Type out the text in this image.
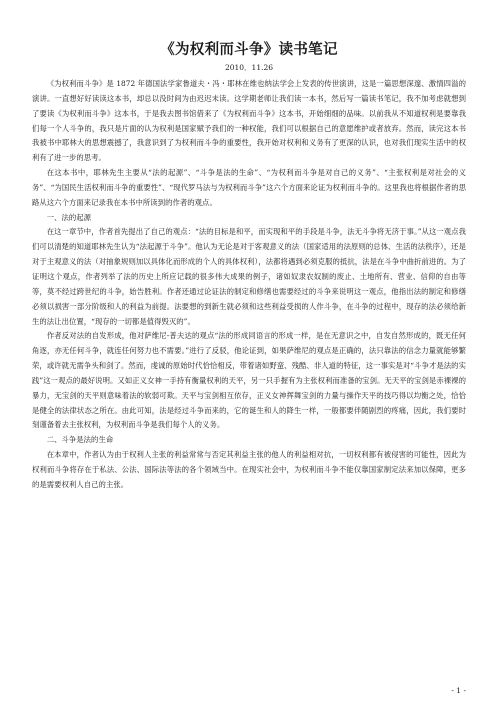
《为权利而斗争》读书笔记
2010．11.26

《为权利而斗争》是 1872 年德国法学家鲁道夫・冯・耶林在维也纳法学会上发表的传世演讲，这是一篇思想深邃、激情四溢的演讲。一直想好好读读这本书，却总以没时间为由迟迟未读。这学期老师让我们读一本书，然后写一篇读书笔记，我不加考虑就想到了要读《为权利而斗争》这本书，于是我去图书馆借来了《为权利而斗争》这本书，开始细细的品味。以前我从不知道权利是要靠我们每一个人斗争的，我只是片面的认为权利是国家赋予我们的一种权能，我们可以根据自己的意愿维护或者放弃。然而，读完这本书我被书中耶林大的思想震撼了，我意识到了为权利而斗争的重要性，我开始对权利和义务有了更深的认识，也对我们现实生活中的权利有了进一步的思考。

在这本书中，耶林先生主要从“法的起源”、“斗争是法的生命”、“为权利而斗争是对自己的义务”、“主张权利是对社会的义务”、“为国民生活权利而斗争的重要性”、“现代罗马法与为权利而斗争”这六个方面来论证为权利而斗争的。这里我也将根据作者的思路从这六个方面来记录我在本书中所读到的作者的观点。

一、法的起源

在这一章节中，作者首先提出了自己的观点：“法的目标是和平，而实现和平的手段是斗争，法无斗争将无济于事。”从这一观点我们可以清楚的知道耶林先生认为“法起源于斗争”。他认为无论是对于客观意义的法（国家适用的法原则的总体、生活的法秩序），还是对于主观意义的法（对抽象规则加以具体化而形成的个人的具体权利），法都将遇到必须克服的抵抗，法是在斗争中曲折前进的。为了证明这个观点，作者列举了法的历史上所应记载的很多伟大成果的例子，诸如奴隶农奴制的废止、土地所有、营业、信仰的自由等等，莫不经过跨世纪的斗争，始告胜利。作者还通过论证法的制定和修缮也需要经过的斗争来说明这一观点，他指出法的制定和修缮必须以损害一部分阶级和人的利益为前提。法要想的到新生就必须和这些利益受损的人作斗争，在斗争的过程中，现存的法必须给新生的法让出位置，“现存的一切都是值得毁灭的”。

作者反对法的自发形成，他对萨维尼-普夫达的观点“法的形成同语言的形成一样，是在无意识之中，自发自然形成的，既无任何角逐，亦无任何斗争，就连任何努力也不需要。”进行了反驳，他论证到，如果萨维尼的观点是正确的，法只靠法的信念力量就能够繁荣，或许就无需争头和剑了。然而，虔诚的原始时代恰恰相反，带着诸如野蛮、残酷、非人道的特征，这一事实是对“斗争才是法的实践”这一观点的最好说明。又如正义女神一手持有衡量权利的天平，另一只手握有为主张权利而准备的宝剑。无天平的宝剑是赤裸裸的暴力，无宝剑的天平则意味着法的软弱可欺。天平与宝剑相互依存，正义女神挥舞宝剑的力量与操作天平的技巧得以均衡之处，恰恰是健全的法律状态之所在。由此可知，法是经过斗争而来的，它的诞生和人的降生一样，一般都要伴随剧烈的疼痛，因此，我们要时刻谨备着去主张权利，为权利而斗争是我们每个人的义务。

二、斗争是法的生命

在本章中，作者认为由于权利人主张的利益常常与否定其利益主张的他人的利益相对抗，一切权利都有被侵害的可能性，因此为权利而斗争将存在于私法、公法、国际法等法的各个领域当中。在现实社会中，为权利而斗争不能仅靠国家制定法来加以保障，更多的是需要权利人自己的主张。

- 1 -
